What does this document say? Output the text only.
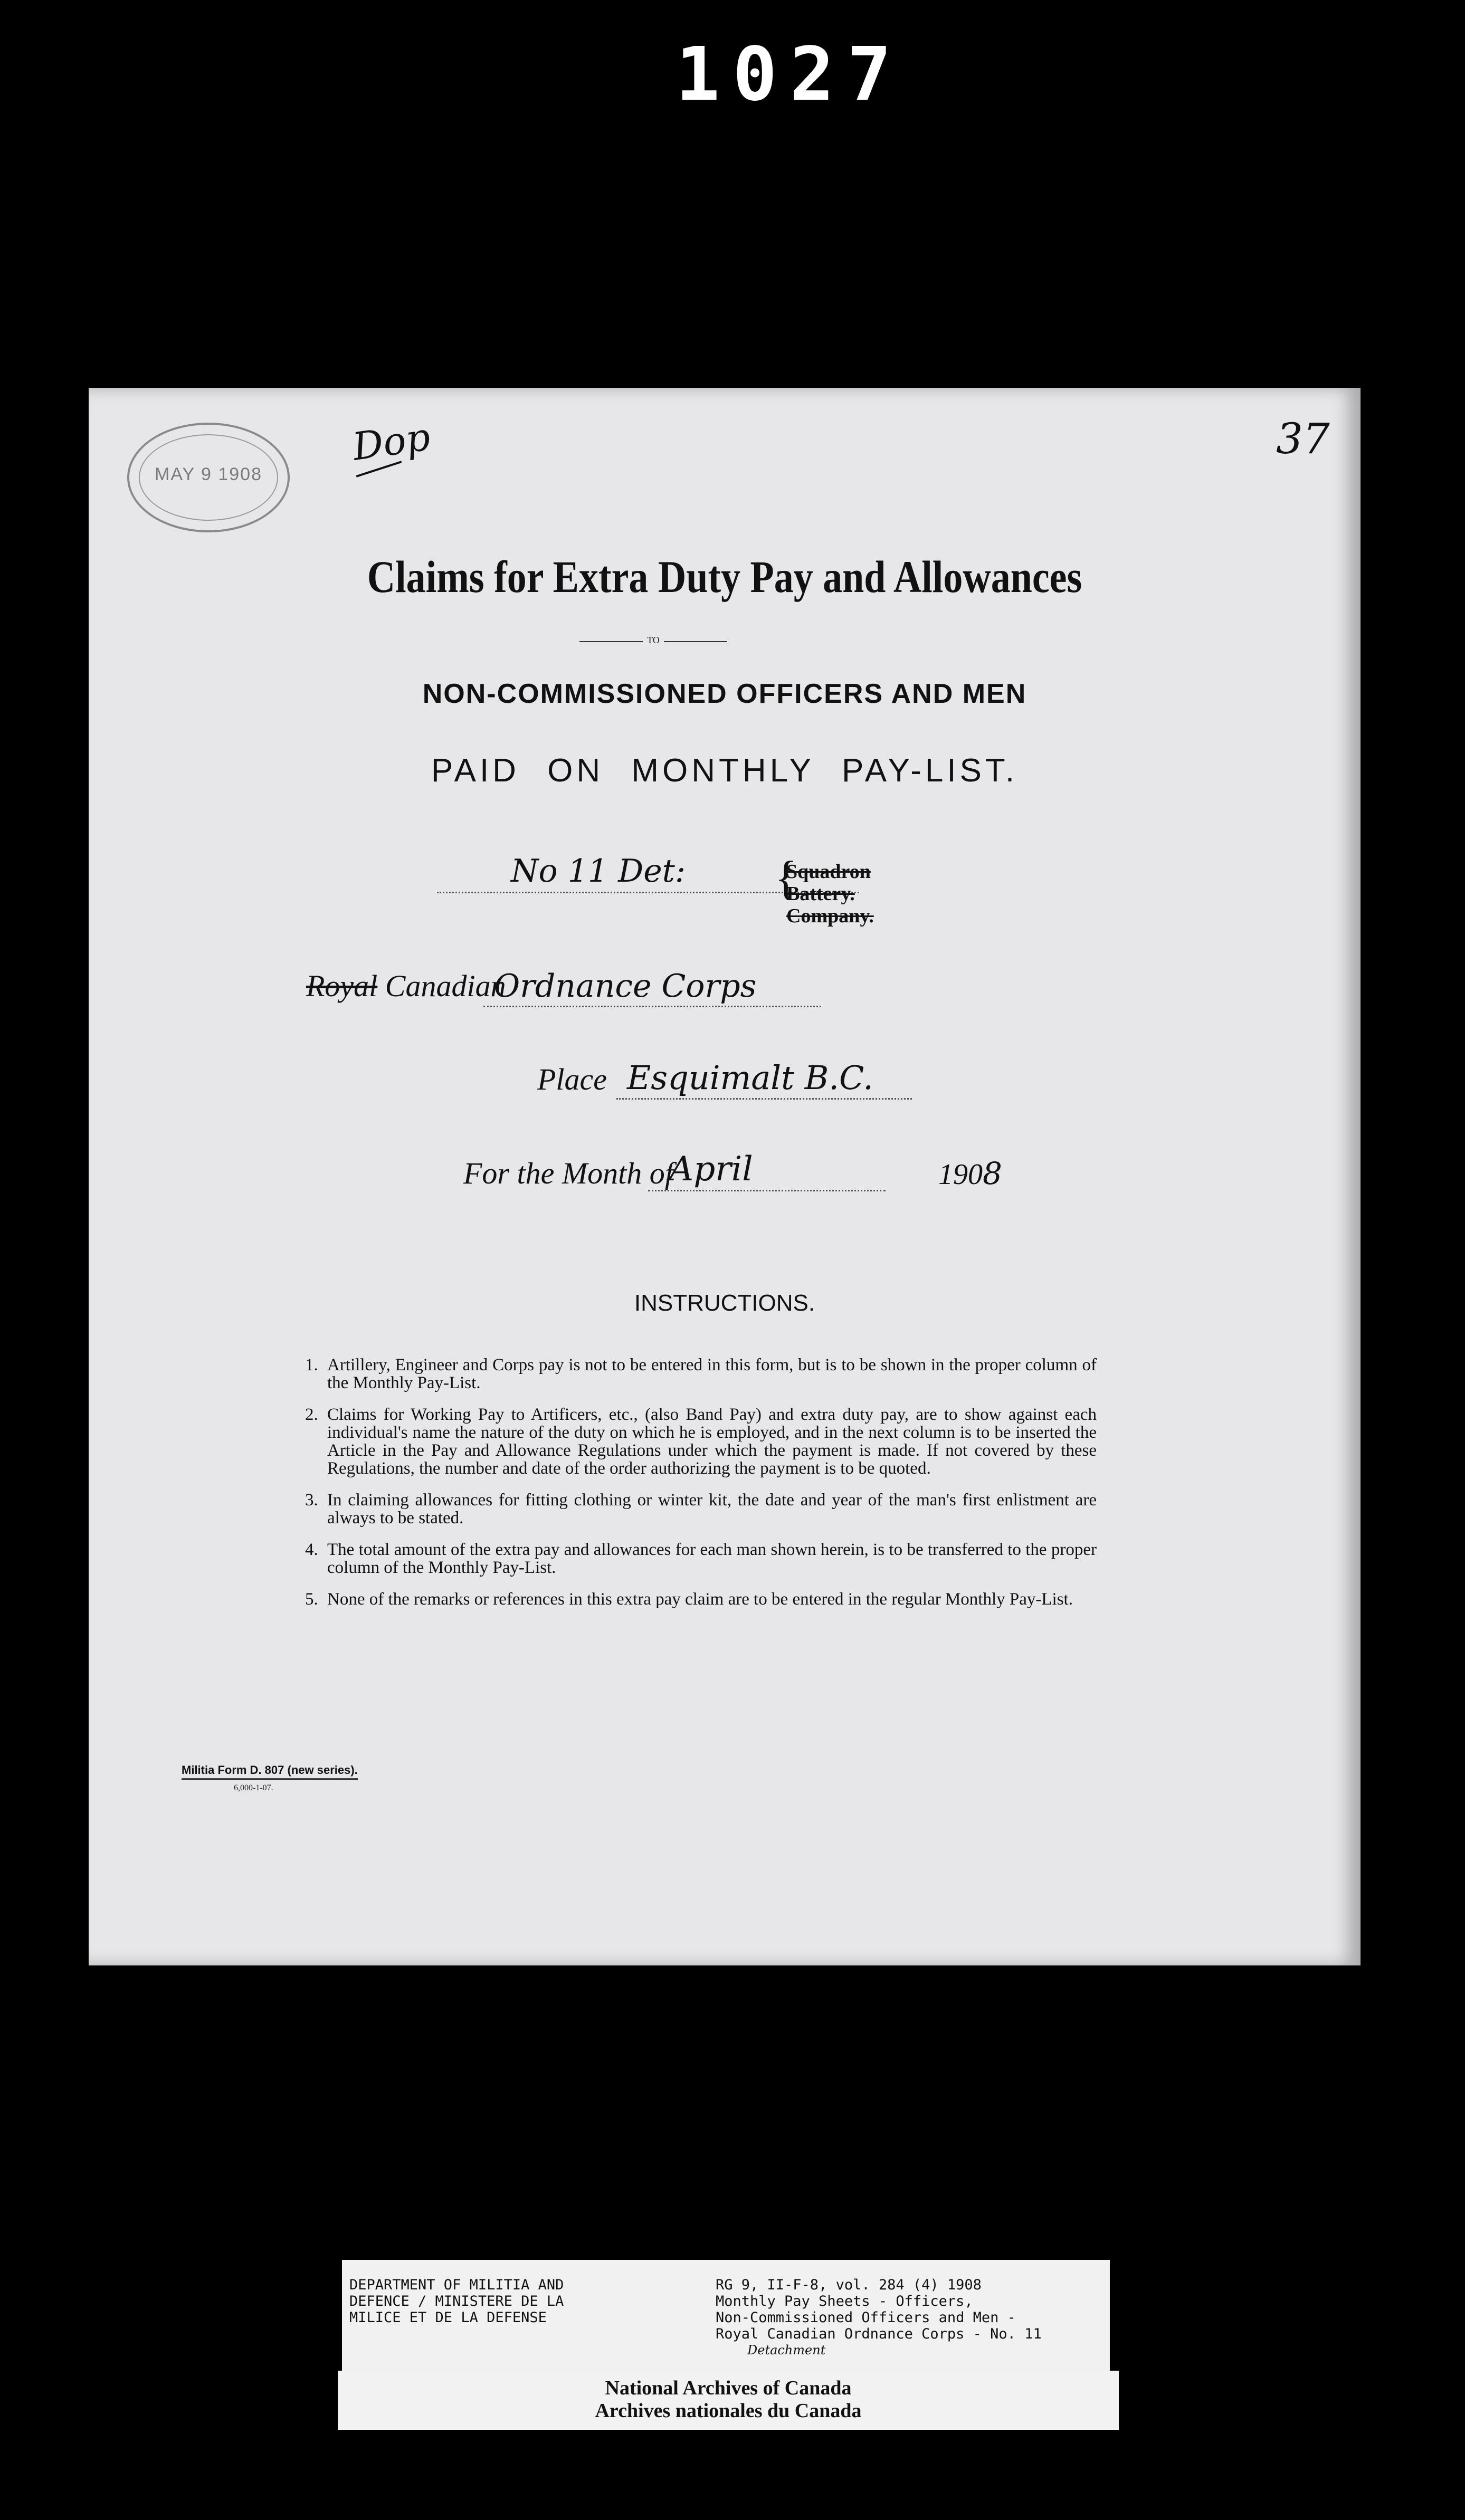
1027
MAY 9 1908
Dop	37
Claims for Extra Duty Pay and Allowances
TO
NON-COMMISSIONED OFFICERS AND MEN
PAID ON MONTHLY PAY-LIST.
No 11 Det: {
Squadron
Battery.
Company.
Royal Canadian
Ordnance Corps
Place Esquimalt B.C.
For the Month of
April	1908
INSTRUCTIONS.
1. Artillery, Engineer and Corps pay is not to be entered in this form, but is to be shown in the proper column of the Monthly Pay-List.
2. Claims for Working Pay to Artificers, etc., (also Band Pay) and extra duty pay, are to show against each individual's name the nature of the duty on which he is employed, and in the next column is to be inserted the Article in the Pay and Allowance Regulations under which the payment is made. If not covered by these Regulations, the number and date of the order authorizing the payment is to be quoted.
3. In claiming allowances for fitting clothing or winter kit, the date and year of the man's first enlistment are always to be stated.
4. The total amount of the extra pay and allowances for each man shown herein, is to be transferred to the proper column of the Monthly Pay-List.
5. None of the remarks or references in this extra pay claim are to be entered in the regular Monthly Pay-List.
Militia Form D. 807 (new series).
6,000-1-07.
DEPARTMENT OF MILITIA AND
DEFENCE / MINISTERE DE LA
MILICE ET DE LA DEFENSE
RG 9, II-F-8, vol. 284 (4) 1908
Monthly Pay Sheets - Officers,
Non-Commissioned Officers and Men -
Royal Canadian Ordnance Corps - No. 11
Detachment
National Archives of Canada
Archives nationales du Canada
